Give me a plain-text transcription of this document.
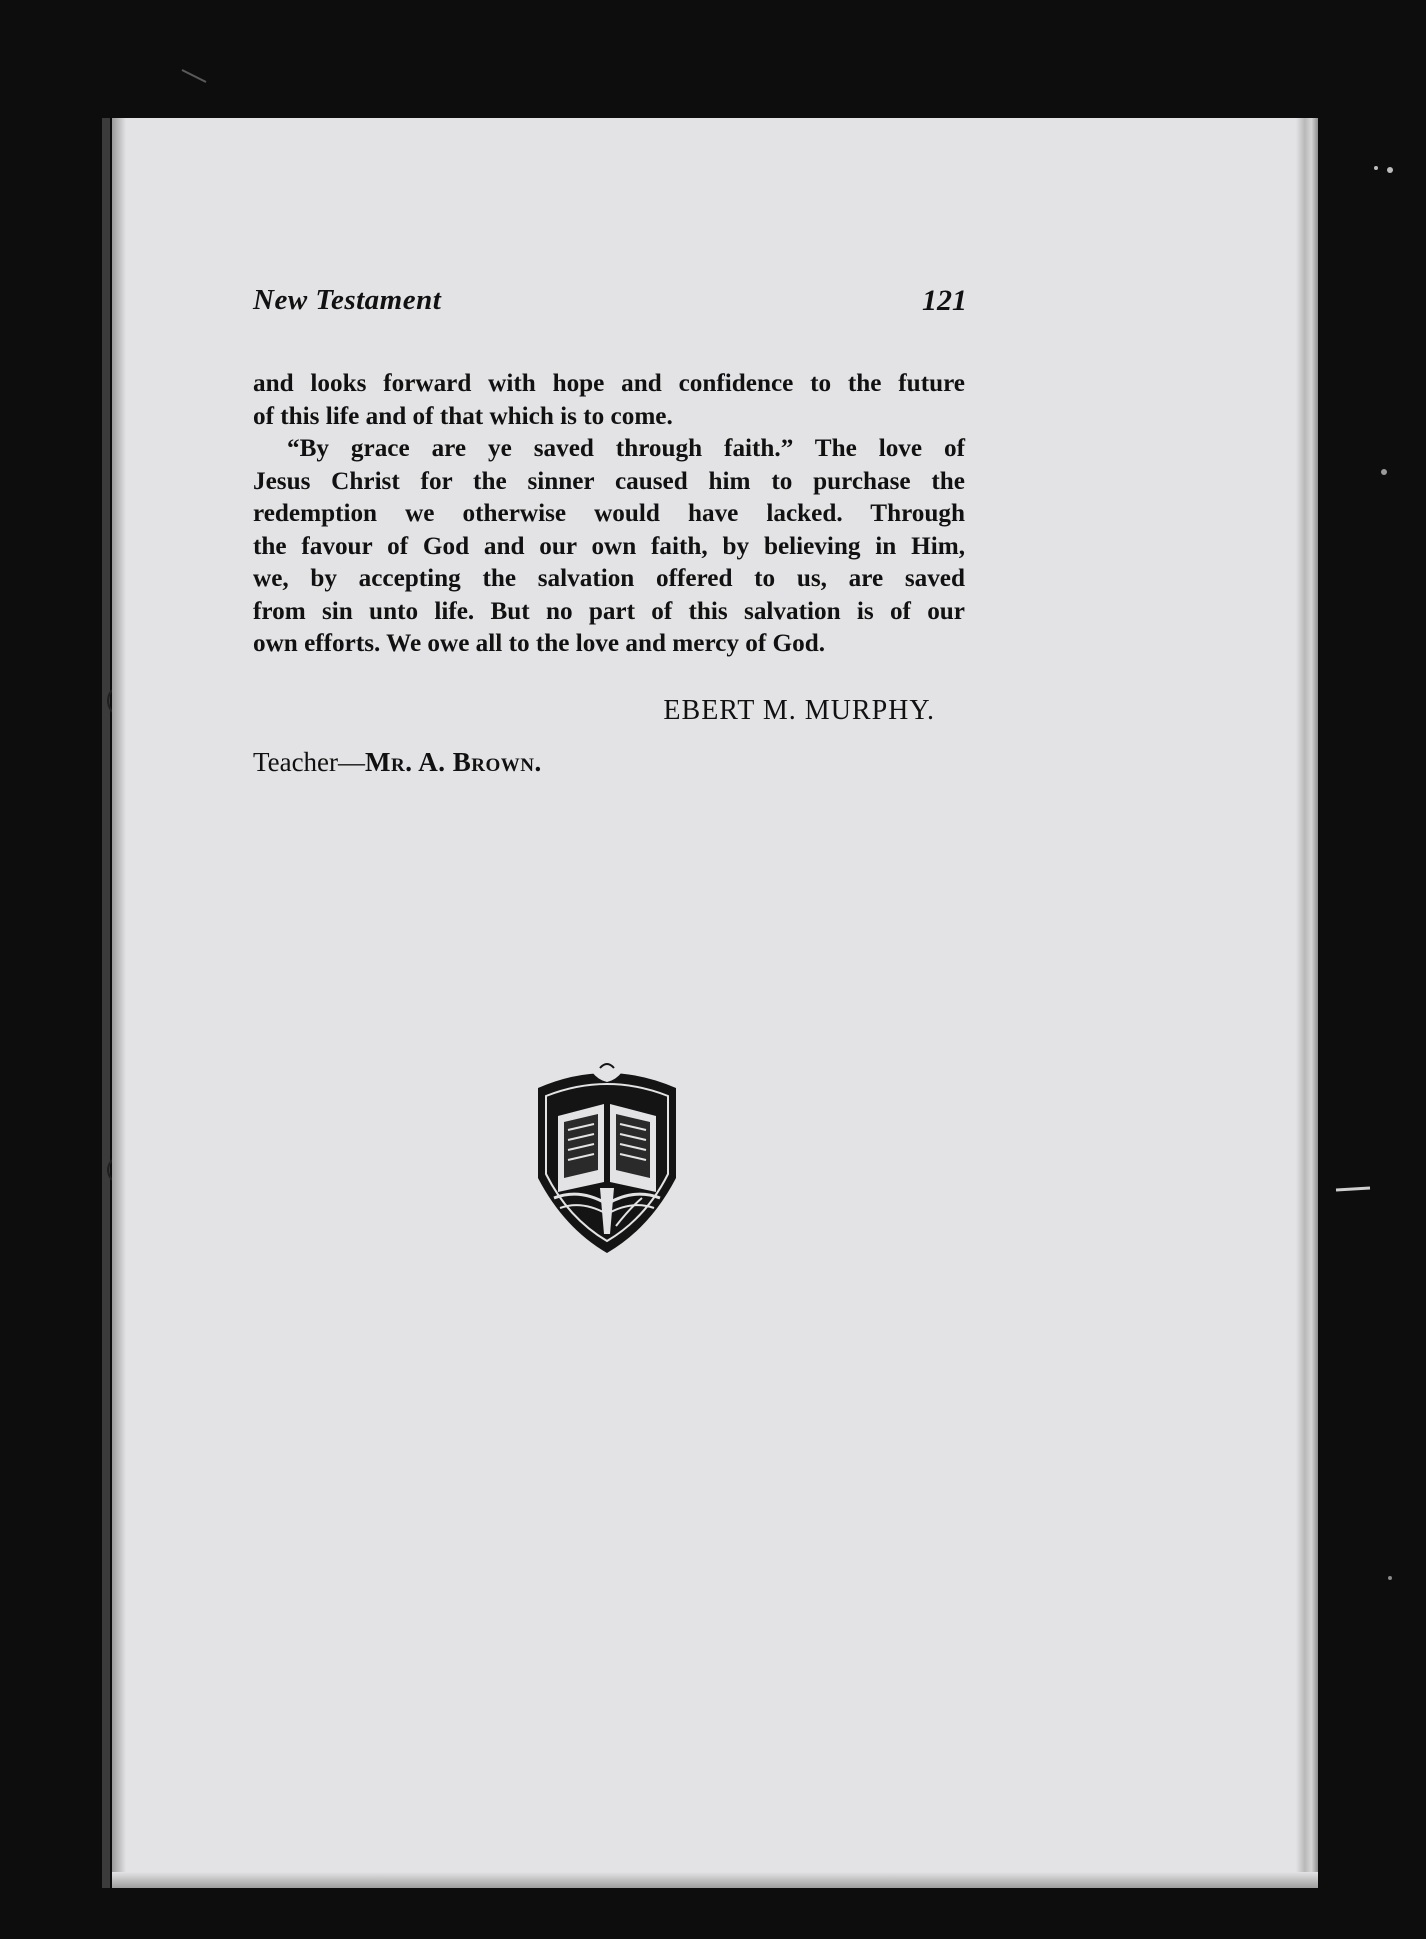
New Testament	121
and looks forward with hope and confidence to the future
of this life and of that which is to come.
“By grace are ye saved through faith.” The love of
Jesus Christ for the sinner caused him to purchase the
redemption we otherwise would have lacked. Through
the favour of God and our own faith, by believing in Him,
we, by accepting the salvation offered to us, are saved
from sin unto life. But no part of this salvation is of our
own efforts. We owe all to the love and mercy of God.
EBERT M. MURPHY.
Teacher—Mr. A. Brown.
